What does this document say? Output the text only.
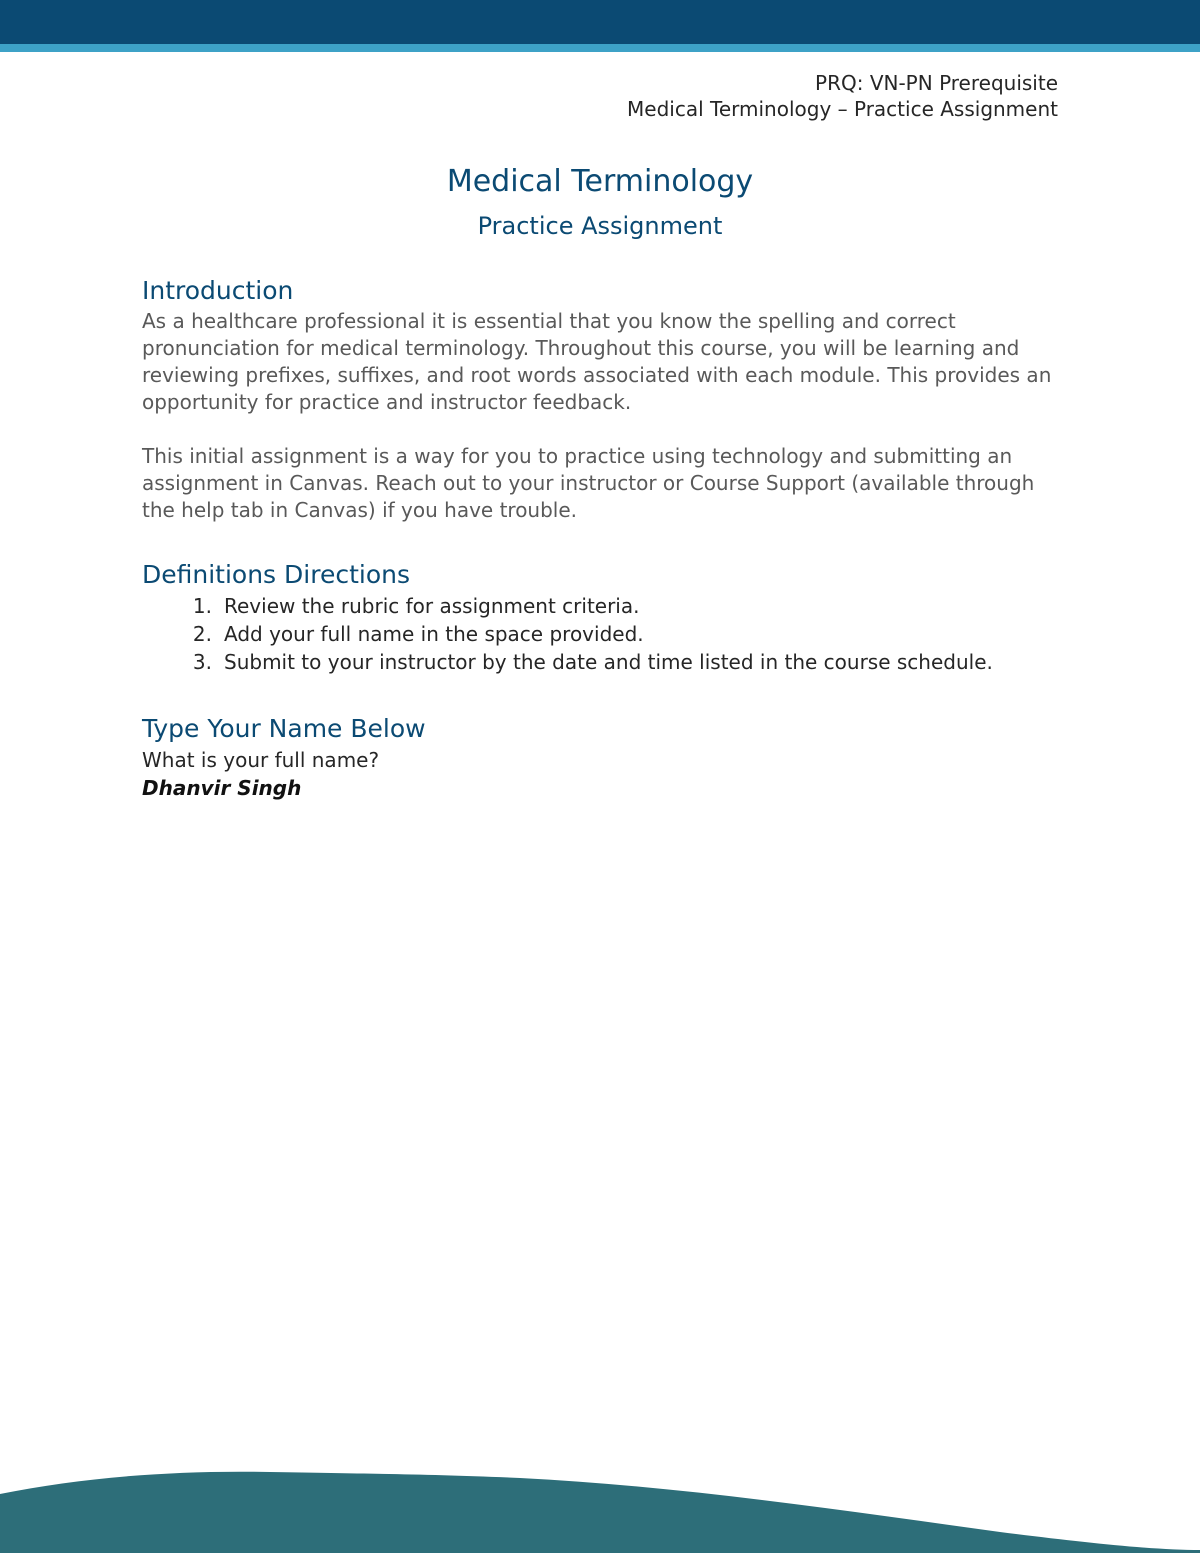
PRQ: VN-PN Prerequisite
Medical Terminology – Practice Assignment
Medical Terminology
Practice Assignment
Introduction

As a healthcare professional it is essential that you know the spelling and correct pronunciation for medical terminology. Throughout this course, you will be learning and reviewing prefixes, suffixes, and root words associated with each module. This provides an opportunity for practice and instructor feedback.

This initial assignment is a way for you to practice using technology and submitting an assignment in Canvas. Reach out to your instructor or Course Support (available through the help tab in Canvas) if you have trouble.

Definitions Directions
1. Review the rubric for assignment criteria.
2. Add your full name in the space provided.
3. Submit to your instructor by the date and time listed in the course schedule.
Type Your Name Below

What is your full name?

Dhanvir Singh
